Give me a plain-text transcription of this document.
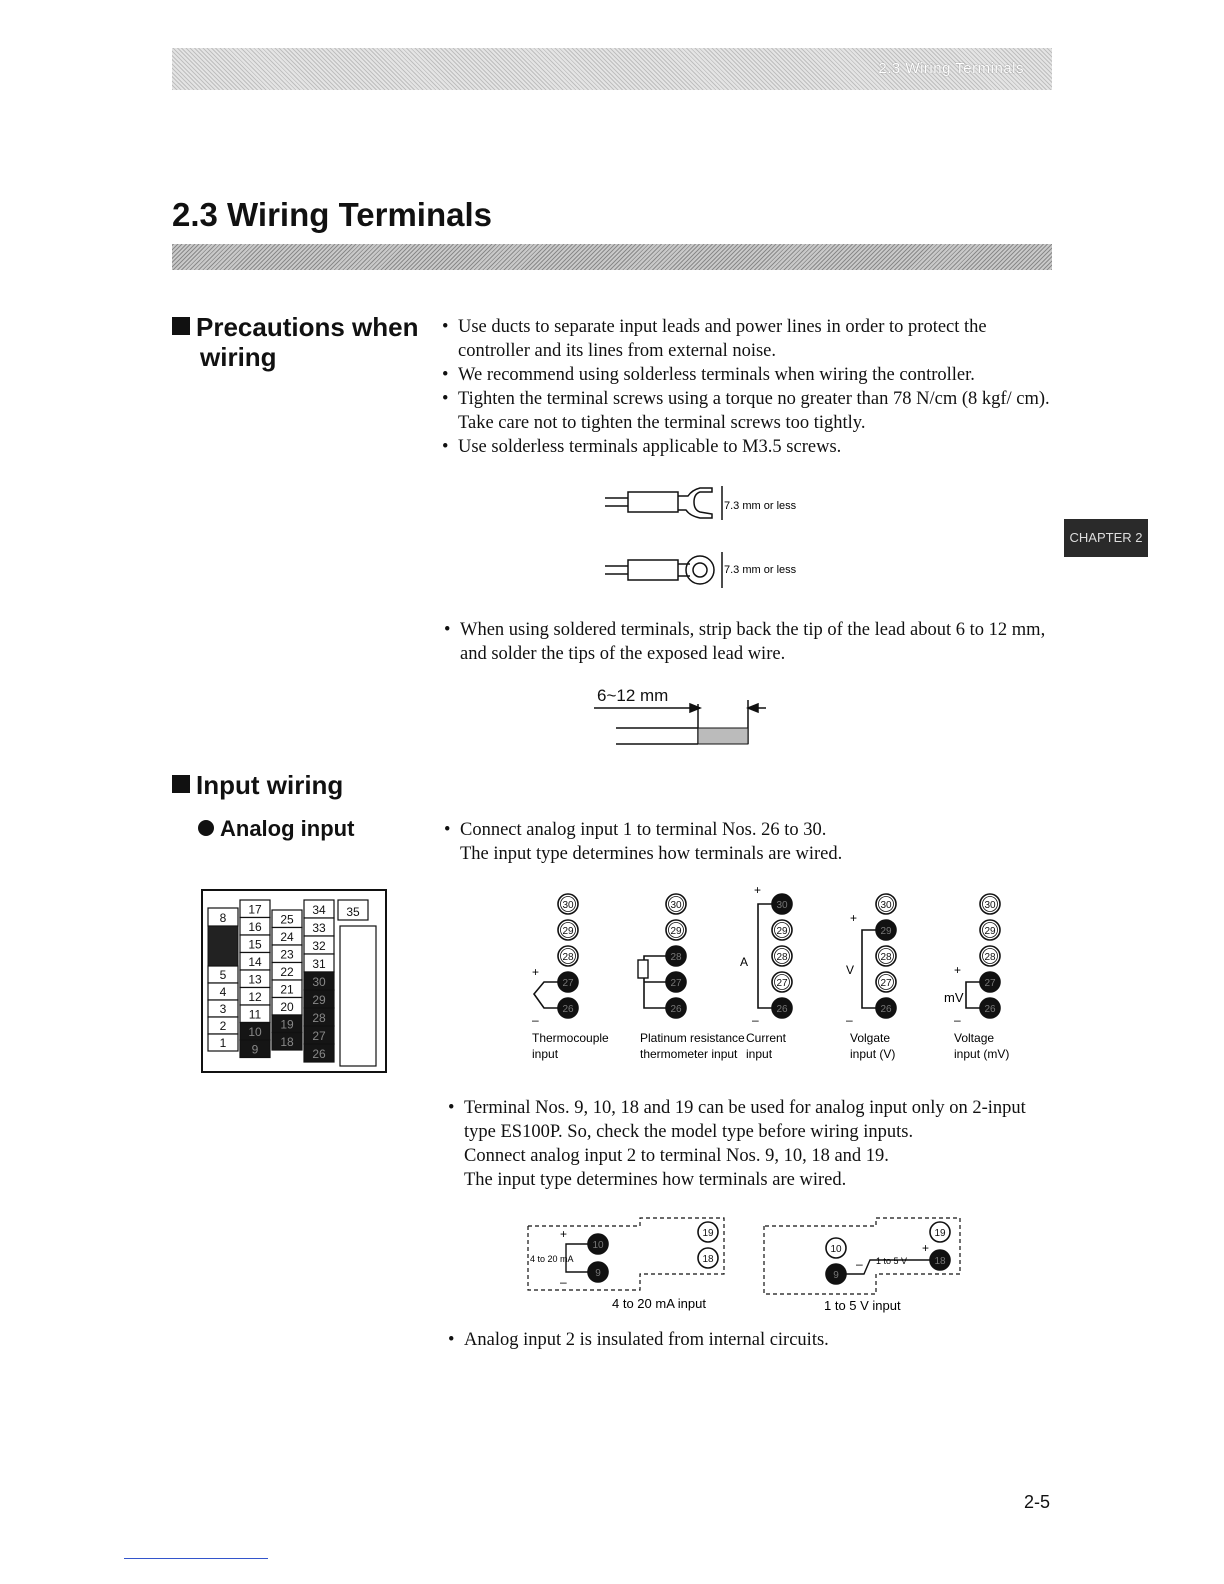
2.3 Wiring Terminals
2.3 Wiring Terminals
Precautions when
wiring
• Use ducts to separate input leads and power lines in order to protect the controller and its lines from external noise.
• We recommend using solderless terminals when wiring the controller.
• Tighten the terminal screws using a torque no greater than 78 N/cm (8 kgf/ cm). Take care not to tighten the terminal screws too tightly.
• Use solderless terminals applicable to M3.5 screws.
7.3 mm or less
7.3 mm or less
CHAPTER 2
• When using soldered terminals, strip back the tip of the lead about 6 to 12 mm, and solder the tips of the exposed lead wire.
6~12 mm
Input wiring
Analog input
•	Connect analog input 1 to terminal Nos. 26 to 30.
The input type determines how terminals are wired.
8
5
4
3
2
1
17
16
15
14
13
12
11
10
9
25
24
23
22
21
20
19
18
34
33
32
31
30
29
28
27
26
35	30
29
28
27
26
Thermocouple
input
30
29
28
27
26
Platinum resistance
thermometer input
30
29
28
27
26
Current
input
30
29
28
27
26
Volgate
input (V)
30
29
28
27
26
Voltage
input (mV)
+
–
+
–
A
+
–
V	+
–
mV
• Terminal Nos. 9, 10, 18 and 19 can be used for analog input only on 2-input
type ES100P. So, check the model type before wiring inputs.
Connect analog input 2 to terminal Nos. 9, 10, 18 and 19.
The input type determines how terminals are wired.
19
10
18
9
+
–
4 to 20 mA
4 to 20 mA input
19
10
18
9
+
– 1 to 5 V
1 to 5 V input
• Analog input 2 is insulated from internal circuits.
2-5
